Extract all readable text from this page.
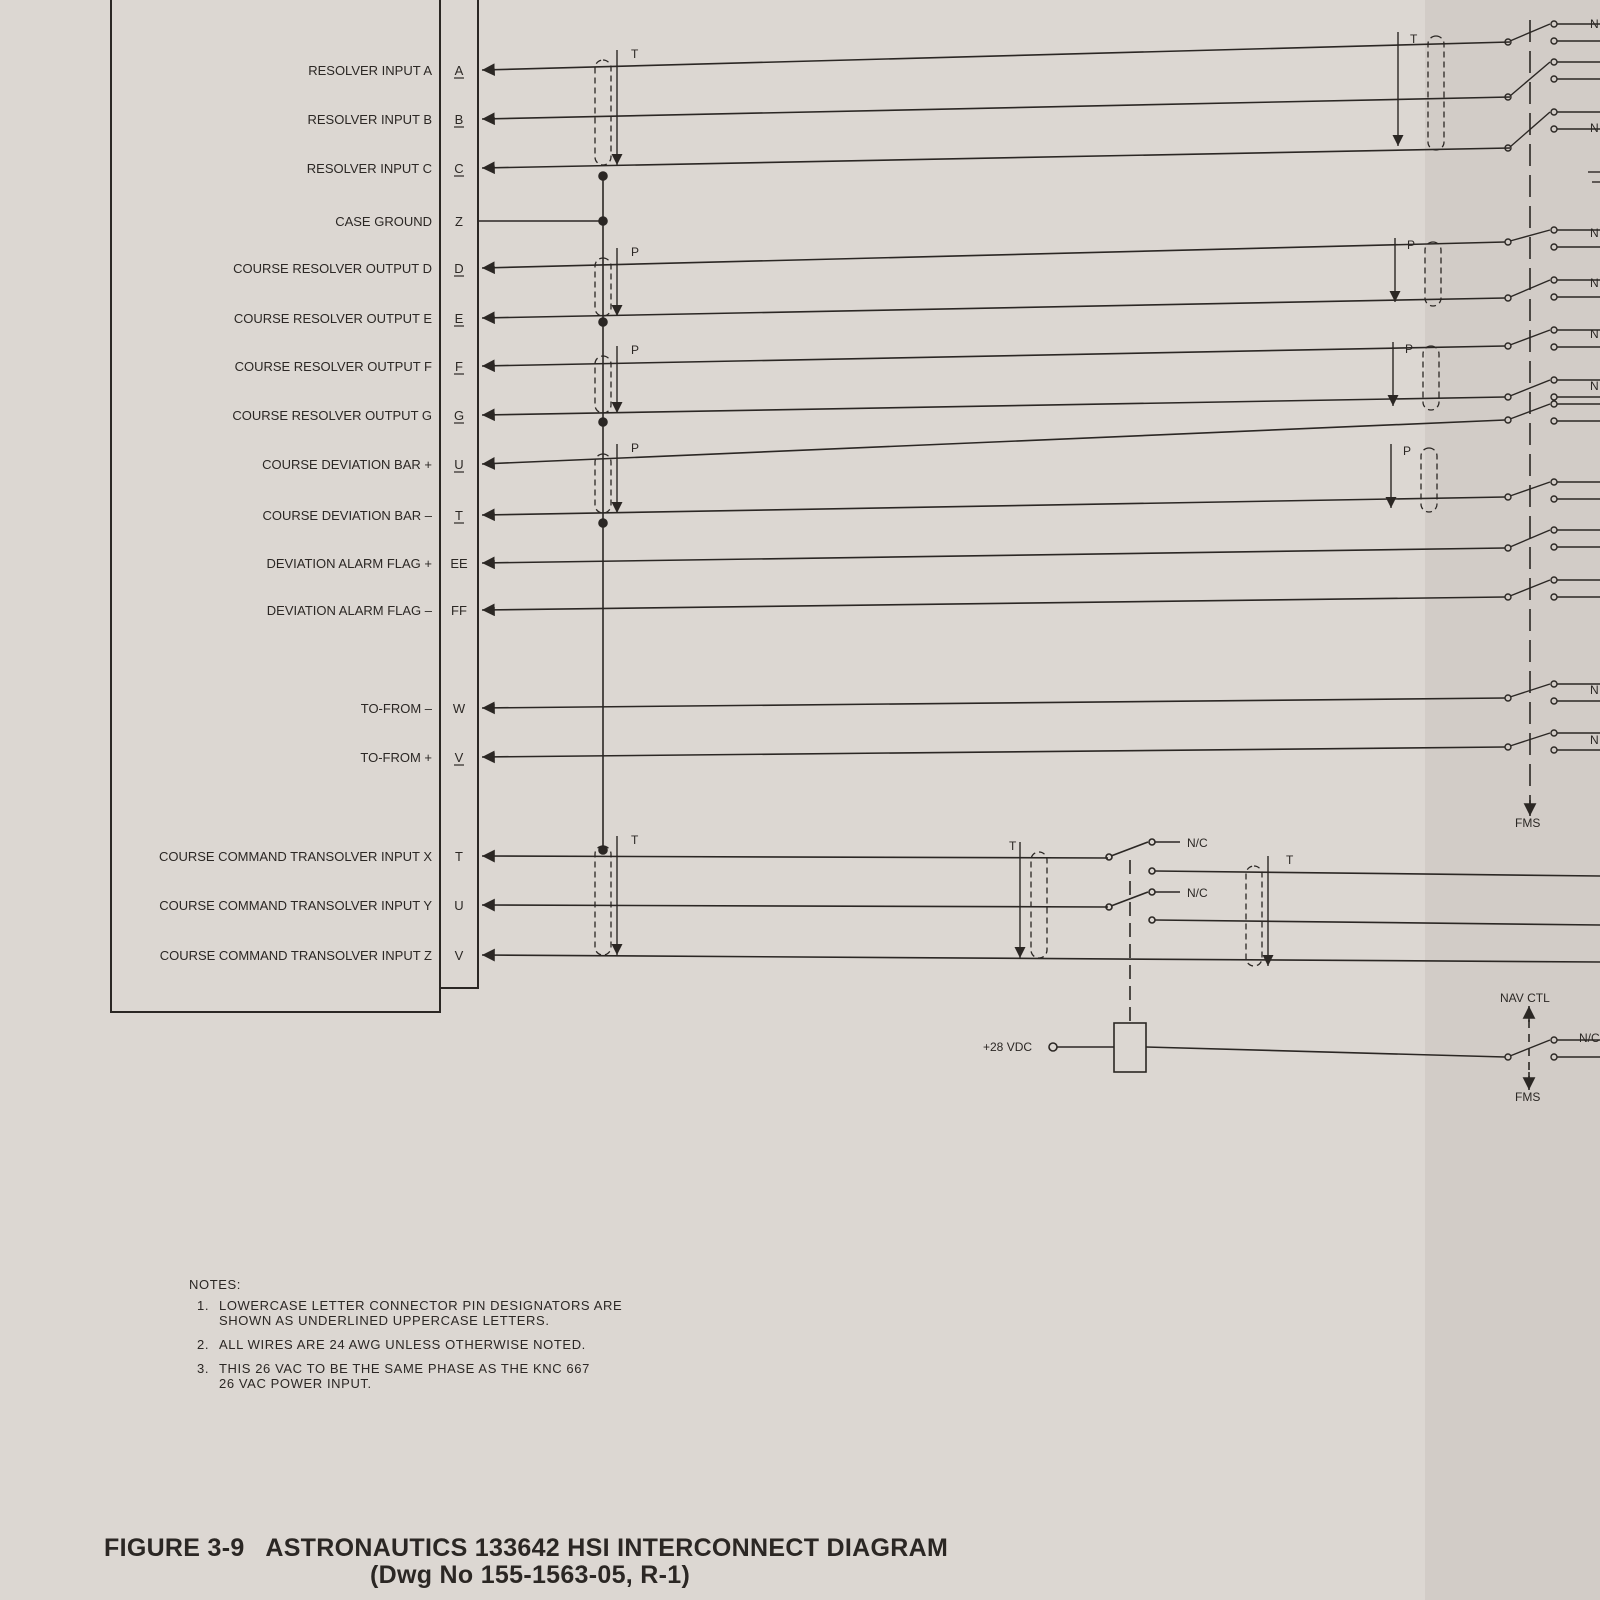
RESOLVER INPUT A A
RESOLVER INPUT B B
RESOLVER INPUT C C
CASE GROUND Z
COURSE RESOLVER OUTPUT D D
COURSE RESOLVER OUTPUT E E
COURSE RESOLVER OUTPUT F F
COURSE RESOLVER OUTPUT G G
COURSE DEVIATION BAR + U
COURSE DEVIATION BAR – T
DEVIATION ALARM FLAG + EE
DEVIATION ALARM FLAG – FF
TO-FROM – W
TO-FROM + V
COURSE COMMAND TRANSOLVER INPUT X T
COURSE COMMAND TRANSOLVER INPUT Y U
COURSE COMMAND TRANSOLVER INPUT Z V
T
T	T
T
P
P
P
T
P
P
P
N/C
N/C
+28 VDC
NAV CTL
N/C
FMS
FMS
N
N
N
N
N
N
N
N
NOTES:
1. LOWERCASE LETTER CONNECTOR PIN DESIGNATORS ARE
SHOWN AS UNDERLINED UPPERCASE LETTERS.
2. ALL WIRES ARE 24 AWG UNLESS OTHERWISE NOTED.
3. THIS 26 VAC TO BE THE SAME PHASE AS THE KNC 667
26 VAC POWER INPUT.
FIGURE 3-9   ASTRONAUTICS 133642 HSI INTERCONNECT DIAGRAM
(Dwg No 155-1563-05, R-1)
